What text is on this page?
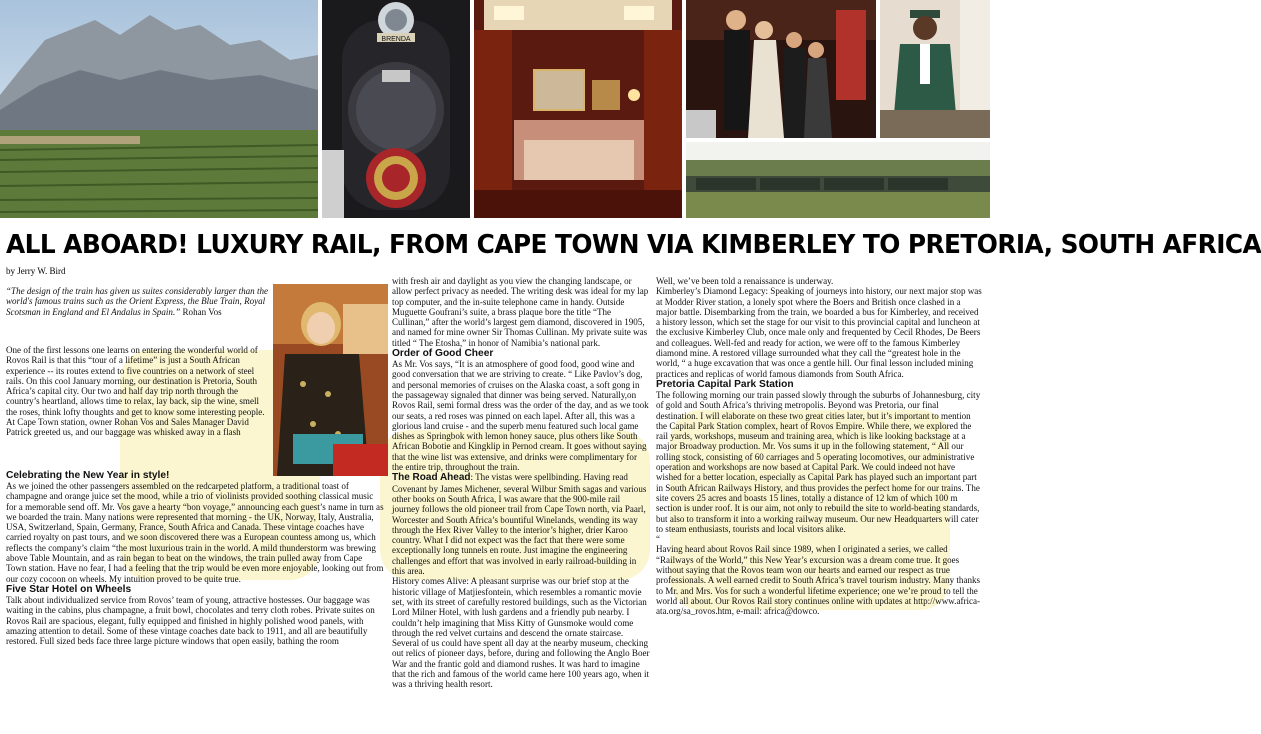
BRENDA
ALL ABOARD! LUXURY RAIL, FROM CAPE TOWN VIA KIMBERLEY TO PRETORIA, SOUTH AFRICA
by Jerry W. Bird

“The design of the train has given us suites considerably larger than the world's famous trains such as the Orient Express, the Blue Train, Royal Scotsman in England and El Andalus in Spain.” Rohan Vos

One of the first lessons one learns on entering the wonderful world of Rovos Rail is that this “tour of a lifetime” is just a South African experience -- its routes extend to five countries on a network of steel rails. On this cool January morning, our destination is Pretoria, South Africa’s capital city. Our two and half day trip north through the country’s heartland, allows time to relax, lay back, sip the wine, smell the roses, think lofty thoughts and get to know some interesting people. At Cape Town station, owner Rohan Vos and Sales Manager David Patrick greeted us, and our baggage was whisked away in a flash

Celebrating the New Year in style!

As we joined the other passengers assembled on the redcarpeted platform, a traditional toast of champagne and orange juice set the mood, while a trio of violinists provided soothing classical music for a memorable send off. Mr. Vos gave a hearty “bon voyage,” announcing each guest’s name in turn as we boarded the train. Many nations were represented that morning - the UK, Norway, Italy, Australia, USA, Switzerland, Spain, Germany, France, South Africa and Canada. These vintage coaches have carried royalty on past tours, and we soon discovered there was a European countess among us, which reflects the company’s claim “the most luxurious train in the world. A mild thunderstorm was brewing above Table Mountain, and as rain began to beat on the windows, the train pulled away from Cape Town station. Have no fear, I had a feeling that the trip would be even more enjoyable, looking out from our cozy cocoon on wheels. My intuition proved to be quite true.

Five Star Hotel on Wheels

Talk about individualized service from Rovos’ team of young, attractive hostesses. Our baggage was waiting in the cabins, plus champagne, a fruit bowl, chocolates and terry cloth robes. Private suites on Rovos Rail are spacious, elegant, fully equipped and finished in highly polished wood panels, with amazing attention to detail. Some of these vintage coaches date back to 1911, and all are beautifully restored. Full sized beds face three large picture windows that open easily, bathing the room

with fresh air and daylight as you view the changing landscape, or allow perfect privacy as needed. The writing desk was ideal for my lap top computer, and the in-suite telephone came in handy. Outside Muguette Goufrani’s suite, a brass plaque bore the title “The Cullinan,” after the world’s largest gem diamond, discovered in 1905, and named for mine owner Sir Thomas Cullinan. My private suite was titled “ The Etosha,” in honor of Namibia’s national park.

Order of Good Cheer

As Mr. Vos says, “It is an atmosphere of good food, good wine and good conversation that we are striving to create. “ Like Pavlov’s dog, and personal memories of cruises on the Alaska coast, a soft gong in the passageway signaled that dinner was being served. Naturally,on Rovos Rail, semi formal dress was the order of the day, and as we took our seats, a red roses was pinned on each lapel. After all, this was a glorious land cruise - and the superb menu featured such local game dishes as Springbok with lemon honey sauce, plus others like South African Bobotie and Kingklip in Pernod cream. It goes without saying that the wine list was extensive, and drinks were complimentary for the entire trip, throughout the train.

The Road Ahead: The vistas were spellbinding. Having read Covenant by James Michener, several Wilbur Smith sagas and various other books on South Africa, I was aware that the 900-mile rail journey follows the old pioneer trail from Cape Town north, via Paarl, Worcester and South Africa’s bountiful Winelands, wending its way through the Hex River Valley to the interior’s higher, drier Karoo country. What I did not expect was the fact that there were some exceptionally long tunnels en route. Just imagine the engineering challenges and effort that was involved in early railroad-building in this area.

History comes Alive: A pleasant surprise was our brief stop at the historic village of Matjiesfontein, which resembles a romantic movie set, with its street of carefully restored buildings, such as the Victorian Lord Milner Hotel, with lush gardens and a friendly pub nearby. I couldn’t help imagining that Miss Kitty of Gunsmoke would come through the red velvet curtains and descend the ornate staircase. Several of us could have spent all day at the nearby museum, checking out relics of pioneer days, before, during and following the Anglo Boer War and the frantic gold and diamond rushes. It was hard to imagine that the rich and famous of the world came here 100 years ago, when it was a thriving health resort.

Well, we’ve been told a renaissance is underway.

Kimberley’s Diamond Legacy: Speaking of journeys into history, our next major stop was at Modder River station, a lonely spot where the Boers and British once clashed in a major battle. Disembarking from the train, we boarded a bus for Kimberley, and received a history lesson, which set the stage for our visit to this provincial capital and luncheon at the exclusive Kimberley Club, once male only and frequented by Cecil Rhodes, De Beers and colleagues. Well-fed and ready for action, we were off to the famous Kimberley diamond mine. A restored village surrounded what they call the “greatest hole in the world, “ a huge excavation that was once a gentle hill. Our final lesson included mining practices and replicas of world famous diamonds from South Africa.

Pretoria Capital Park Station

The following morning our train passed slowly through the suburbs of Johannesburg, city of gold and South Africa’s thriving metropolis. Beyond was Pretoria, our final destination. I will elaborate on these two great cities later, but it’s important to mention the Capital Park Station complex, heart of Rovos Empire. While there, we explored the rail yards, workshops, museum and training area, which is like looking backstage at a major Broadway production. Mr. Vos sums it up in the following statement, “ All our rolling stock, consisting of 60 carriages and 5 operating locomotives, our administrative operation and workshops are now based at Capital Park. We could indeed not have wished for a better location, especially as Capital Park has played such an important part in South African Railways History, and thus provides the perfect home for our trains. The site covers 25 acres and boasts 15 lines, totally a distance of 12 km of which 100 m section is under roof. It is our aim, not only to rebuild the site to world-beating standards, but also to transform it into a working railway museum. Our new Headquarters will cater to steam enthusiasts, tourists and local visitors alike.

“

Having heard about Rovos Rail since 1989, when I originated a series, we called “Railways of the World,” this New Year’s excursion was a dream come true. It goes without saying that the Rovos team won our hearts and earned our respect as true professionals. A well earned credit to South Africa’s travel tourism industry. Many thanks to Mr. and Mrs. Vos for such a wonderful lifetime experience; one we’re proud to tell the world all about. Our Rovos Rail story continues online with updates at http://www.africa-ata.org/sa_rovos.htm, e-mail: africa@dowco.
